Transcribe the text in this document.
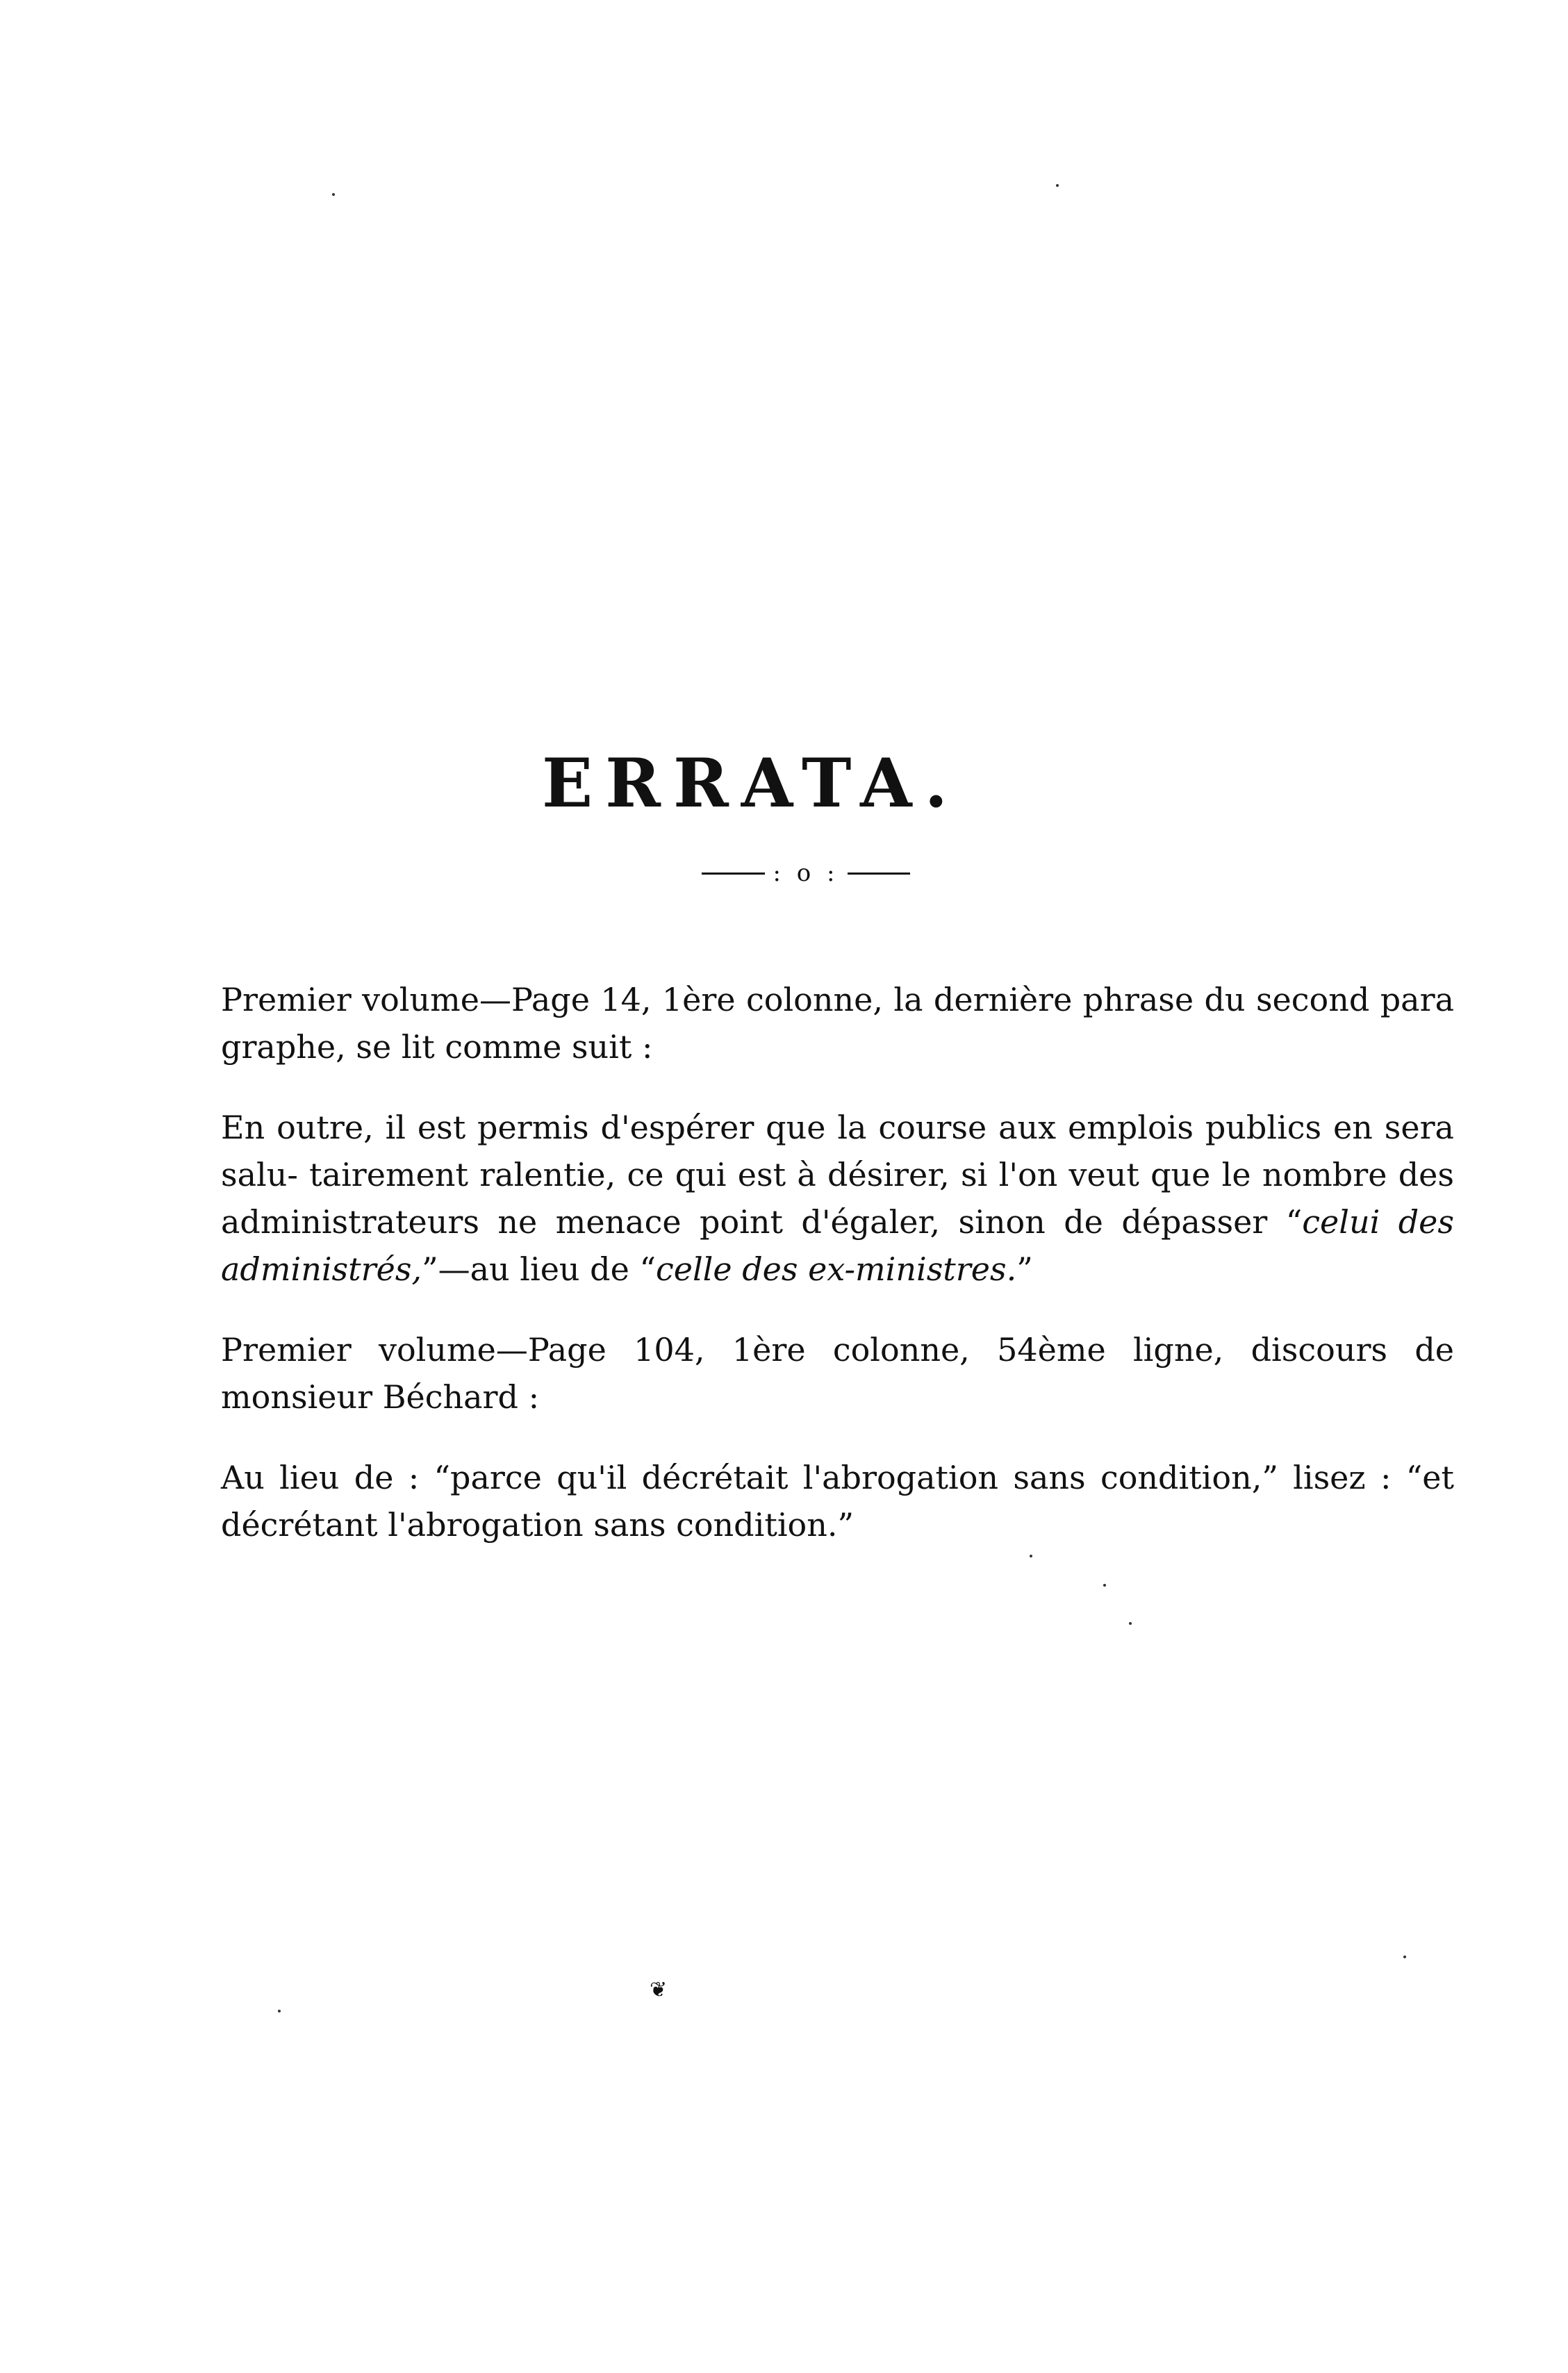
ERRATA.
: o :

Premier volume—Page 14, 1ère colonne, la dernière phrase du second para graphe, se lit comme suit :

En outre, il est permis d'espérer que la course aux emplois publics en sera salu- tairement ralentie, ce qui est à désirer, si l'on veut que le nombre des administrateurs ne menace point d'égaler, sinon de dépasser “celui des administrés,”—au lieu de “celle des ex-ministres.”

Premier volume—Page 104, 1ère colonne, 54ème ligne, discours de monsieur Béchard :

Au lieu de : “parce qu'il décrétait l'abrogation sans condition,” lisez : “et décrétant l'abrogation sans condition.”

❦
